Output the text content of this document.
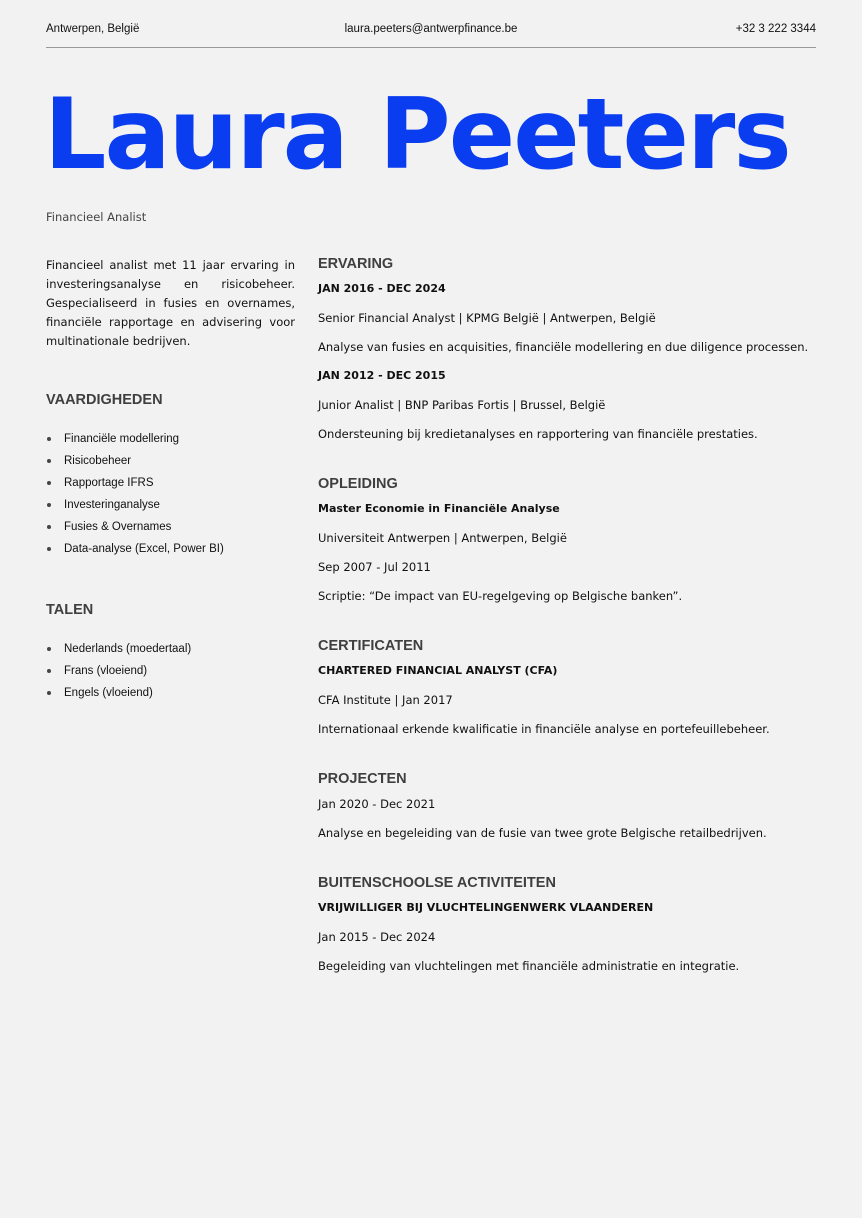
Antwerpen, België	laura.peeters@antwerpfinance.be	+32 3 222 3344
Laura Peeters
Financieel Analist

Financieel analist met 11 jaar ervaring in investeringsanalyse en risicobeheer. Gespecialiseerd in fusies en overnames, financiële rapportage en advisering voor multinationale bedrijven.

VAARDIGHEDEN
Financiële modellering
Risicobeheer
Rapportage IFRS
Investeringanalyse
Fusies & Overnames
Data-analyse (Excel, Power BI)
TALEN
Nederlands (moedertaal)
Frans (vloeiend)
Engels (vloeiend)
ERVARING
JAN 2016 - DEC 2024
Senior Financial Analyst | KPMG België | Antwerpen, België
Analyse van fusies en acquisities, financiële modellering en due diligence processen.
JAN 2012 - DEC 2015
Junior Analist | BNP Paribas Fortis | Brussel, België
Ondersteuning bij kredietanalyses en rapportering van financiële prestaties.
OPLEIDING
Master Economie in Financiële Analyse
Universiteit Antwerpen | Antwerpen, België
Sep 2007 - Jul 2011
Scriptie: “De impact van EU-regelgeving op Belgische banken”.
CERTIFICATEN
CHARTERED FINANCIAL ANALYST (CFA)
CFA Institute | Jan 2017
Internationaal erkende kwalificatie in financiële analyse en portefeuillebeheer.
PROJECTEN
Jan 2020 - Dec 2021
Analyse en begeleiding van de fusie van twee grote Belgische retailbedrijven.
BUITENSCHOOLSE ACTIVITEITEN
VRIJWILLIGER BIJ VLUCHTELINGENWERK VLAANDEREN
Jan 2015 - Dec 2024
Begeleiding van vluchtelingen met financiële administratie en integratie.
